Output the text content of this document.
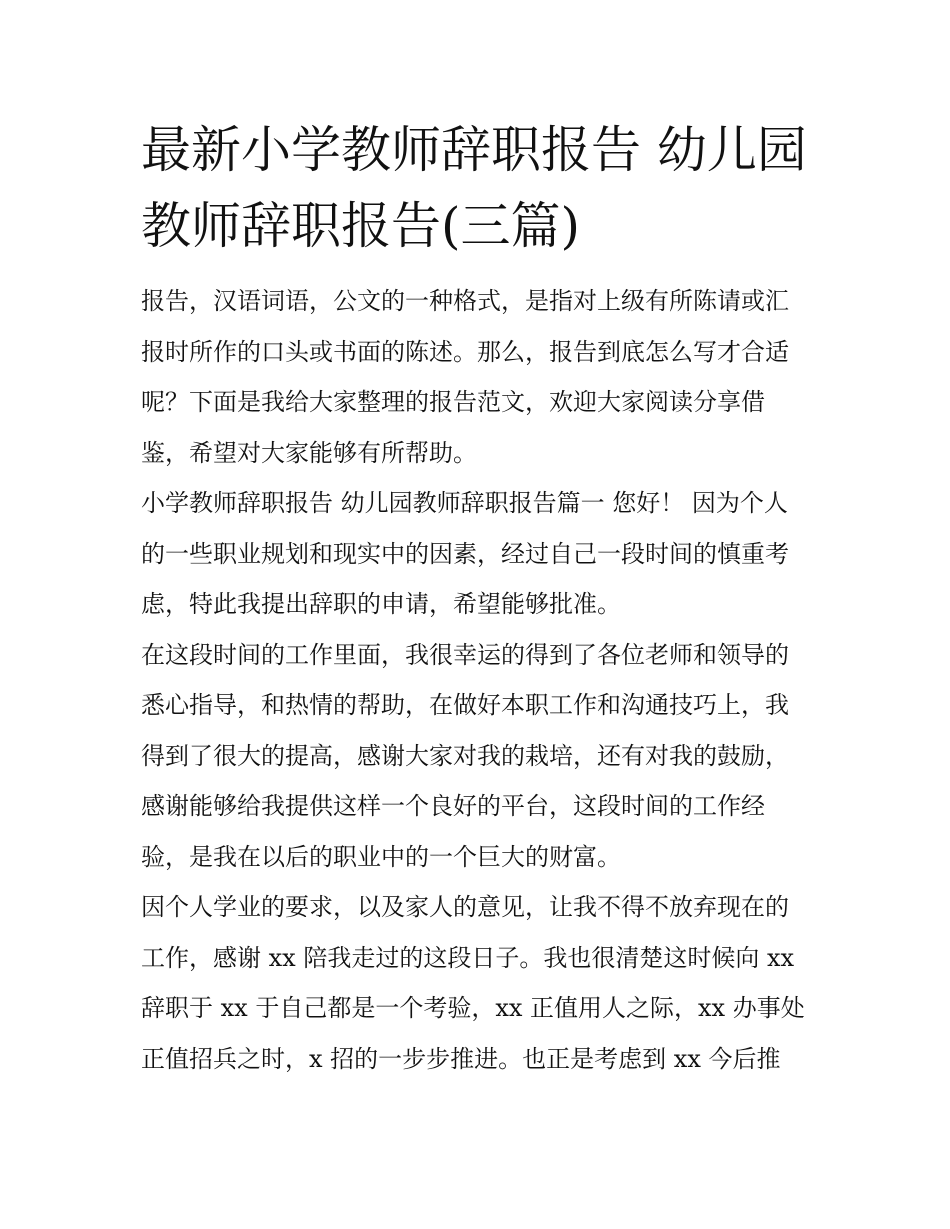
最新小学教师辞职报告 幼儿园
教师辞职报告(三篇)

报告，汉语词语，公文的一种格式，是指对上级有所陈请或汇
报时所作的口头或书面的陈述。那么，报告到底怎么写才合适
呢？下面是我给大家整理的报告范文，欢迎大家阅读分享借
鉴，希望对大家能够有所帮助。

小学教师辞职报告 幼儿园教师辞职报告篇一 您好！ 因为个人
的一些职业规划和现实中的因素，经过自己一段时间的慎重考
虑，特此我提出辞职的申请，希望能够批准。

在这段时间的工作里面，我很幸运的得到了各位老师和领导的
悉心指导，和热情的帮助，在做好本职工作和沟通技巧上，我
得到了很大的提高，感谢大家对我的栽培，还有对我的鼓励，
感谢能够给我提供这样一个良好的平台，这段时间的工作经
验，是我在以后的职业中的一个巨大的财富。

因个人学业的要求，以及家人的意见，让我不得不放弃现在的
工作，感谢 xx 陪我走过的这段日子。我也很清楚这时候向 xx
辞职于 xx 于自己都是一个考验，xx 正值用人之际，xx 办事处
正值招兵之时，x 招的一步步推进。也正是考虑到 xx 今后推
